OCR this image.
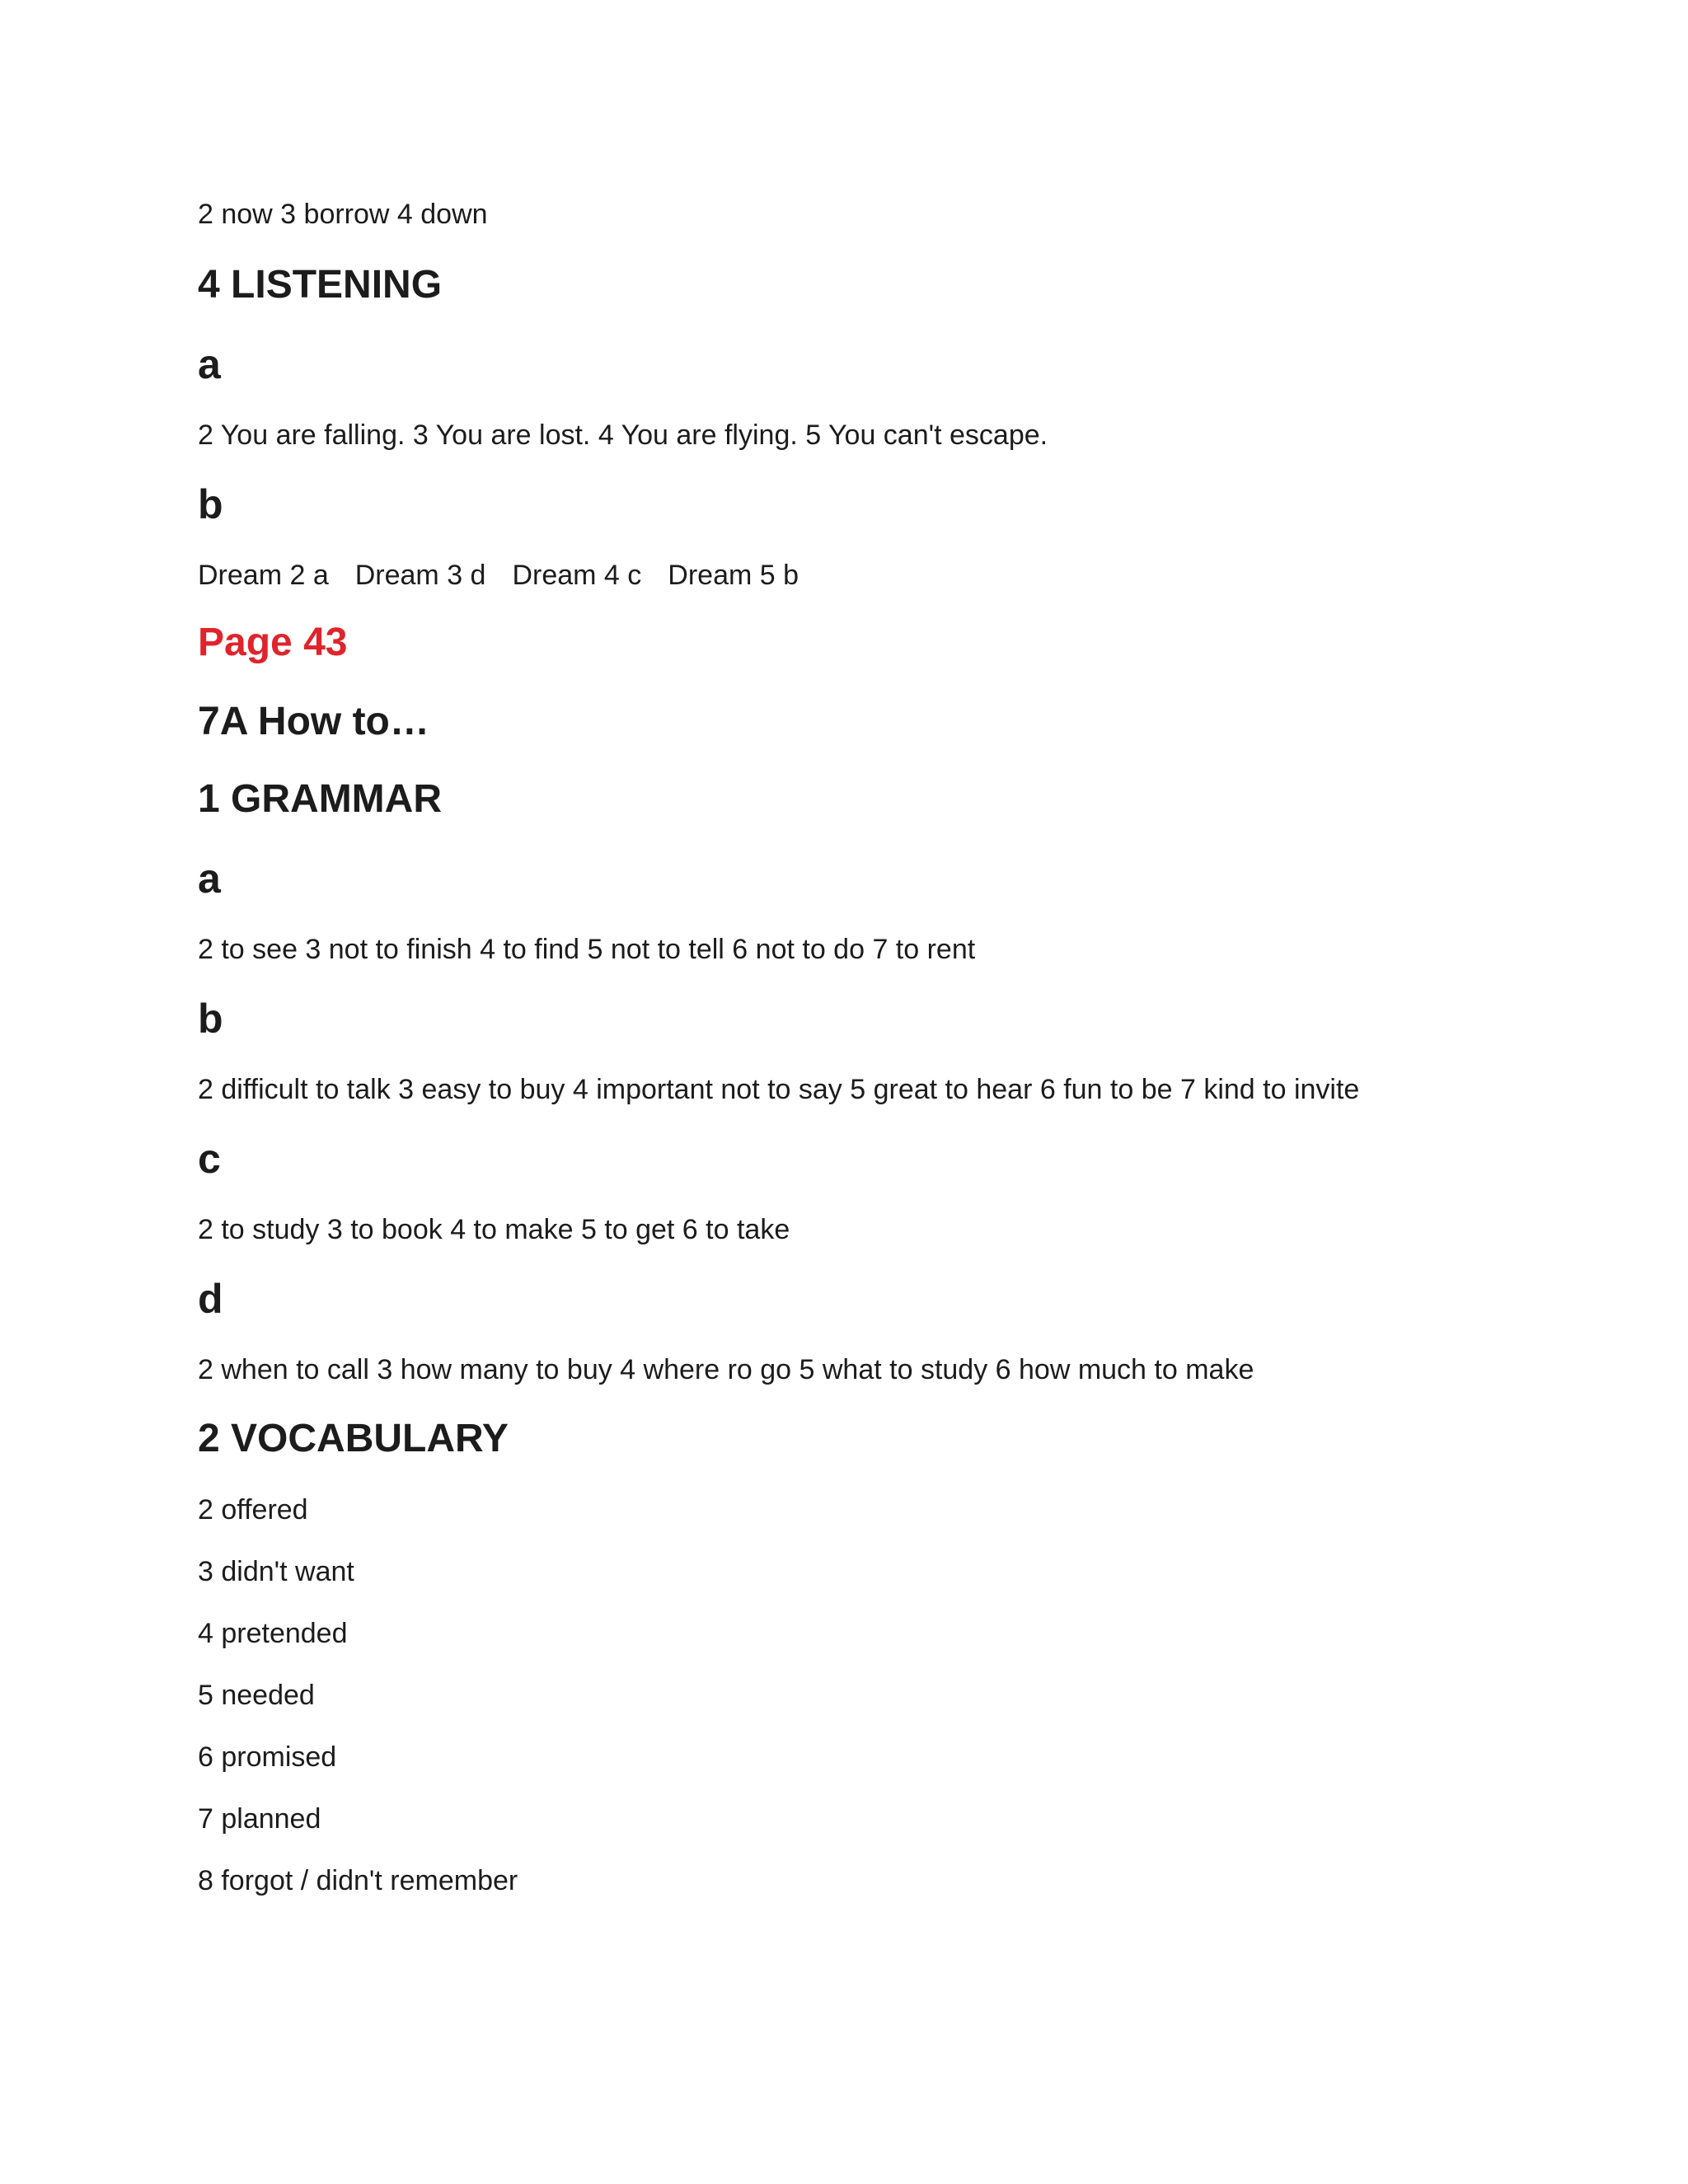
2 now 3 borrow 4 down
4 LISTENING
a
2 You are falling. 3 You are lost. 4 You are flying. 5 You can't escape.
b
Dream 2 a Dream 3 d Dream 4 c Dream 5 b
Page 43
7A How to…
1 GRAMMAR
a
2 to see 3 not to finish 4 to find 5 not to tell 6 not to do 7 to rent
b
2 difficult to talk 3 easy to buy 4 important not to say 5 great to hear 6 fun to be 7 kind to invite
c
2 to study 3 to book 4 to make 5 to get 6 to take
d
2 when to call 3 how many to buy 4 where ro go 5 what to study 6 how much to make
2 VOCABULARY
2 offered
3 didn't want
4 pretended
5 needed
6 promised
7 planned
8 forgot / didn't remember
